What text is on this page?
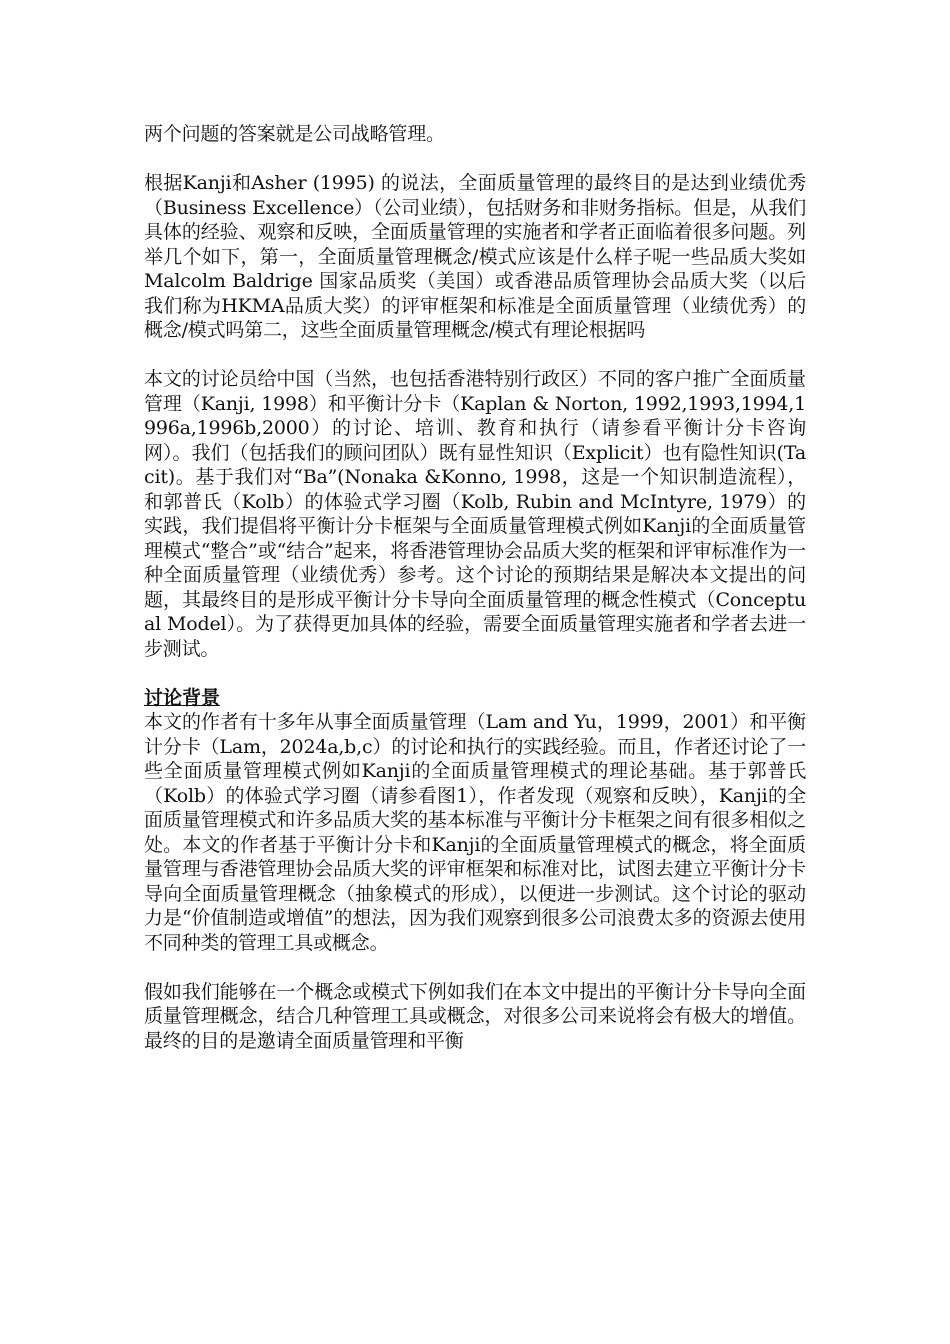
两个问题的答案就是公司战略管理。

根据Kanji和Asher (1995) 的说法，全面质量管理的最终目的是达到业绩优秀（Business Excellence）（公司业绩），包括财务和非财务指标。但是，从我们具体的经验、观察和反映，全面质量管理的实施者和学者正面临着很多问题。列举几个如下，第一，全面质量管理概念/模式应该是什么样子呢一些品质大奖如Malcolm Baldrige 国家品质奖（美国）或香港品质管理协会品质大奖（以后我们称为HKMA品质大奖）的评审框架和标准是全面质量管理（业绩优秀）的概念/模式吗第二，这些全面质量管理概念/模式有理论根据吗

本文的讨论员给中国（当然，也包括香港特别行政区）不同的客户推广全面质量管理（Kanji, 1998）和平衡计分卡（Kaplan & Norton, 1992,1993,1994,1996a,1996b,2000）的讨论、培训、教育和执行（请参看平衡计分卡咨询网）。我们（包括我们的顾问团队）既有显性知识（Explicit）也有隐性知识(Tacit)。基于我们对“Ba”(Nonaka &Konno, 1998，这是一个知识制造流程），和郭普氏（Kolb）的体验式学习圈（Kolb, Rubin and McIntyre, 1979）的实践，我们提倡将平衡计分卡框架与全面质量管理模式例如Kanji的全面质量管理模式“整合”或“结合”起来，将香港管理协会品质大奖的框架和评审标准作为一种全面质量管理（业绩优秀）参考。这个讨论的预期结果是解决本文提出的问题，其最终目的是形成平衡计分卡导向全面质量管理的概念性模式（Conceptual Model）。为了获得更加具体的经验，需要全面质量管理实施者和学者去进一步测试。

讨论背景

本文的作者有十多年从事全面质量管理（Lam and Yu，1999，2001）和平衡计分卡（Lam，2024a,b,c）的讨论和执行的实践经验。而且，作者还讨论了一些全面质量管理模式例如Kanji的全面质量管理模式的理论基础。基于郭普氏（Kolb）的体验式学习圈（请参看图1），作者发现（观察和反映），Kanji的全面质量管理模式和许多品质大奖的基本标准与平衡计分卡框架之间有很多相似之处。本文的作者基于平衡计分卡和Kanji的全面质量管理模式的概念，将全面质量管理与香港管理协会品质大奖的评审框架和标准对比，试图去建立平衡计分卡导向全面质量管理概念（抽象模式的形成），以便进一步测试。这个讨论的驱动力是“价值制造或增值”的想法，因为我们观察到很多公司浪费太多的资源去使用不同种类的管理工具或概念。

假如我们能够在一个概念或模式下例如我们在本文中提出的平衡计分卡导向全面质量管理概念，结合几种管理工具或概念，对很多公司来说将会有极大的增值。最终的目的是邀请全面质量管理和平衡
